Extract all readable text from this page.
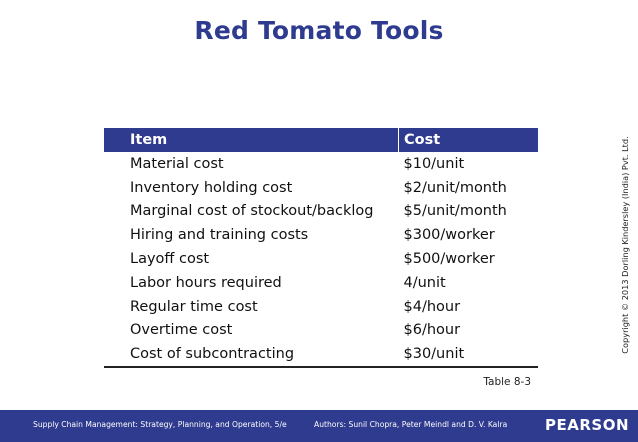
Red Tomato Tools
Item	Cost
Material cost	$10/unit
Inventory holding cost	$2/unit/month
Marginal cost of stockout/backlog	$5/unit/month
Hiring and training costs	$300/worker
Layoff cost	$500/worker
Labor hours required	4/unit
Regular time cost	$4/hour
Overtime cost	$6/hour
Cost of subcontracting	$30/unit
Table 8-3
Copyright © 2013 Dorling Kindersley (India) Pvt. Ltd.
Supply Chain Management: Strategy, Planning, and Operation, 5/e	Authors: Sunil Chopra, Peter Meindl and D. V. Kalra	PEARSON
